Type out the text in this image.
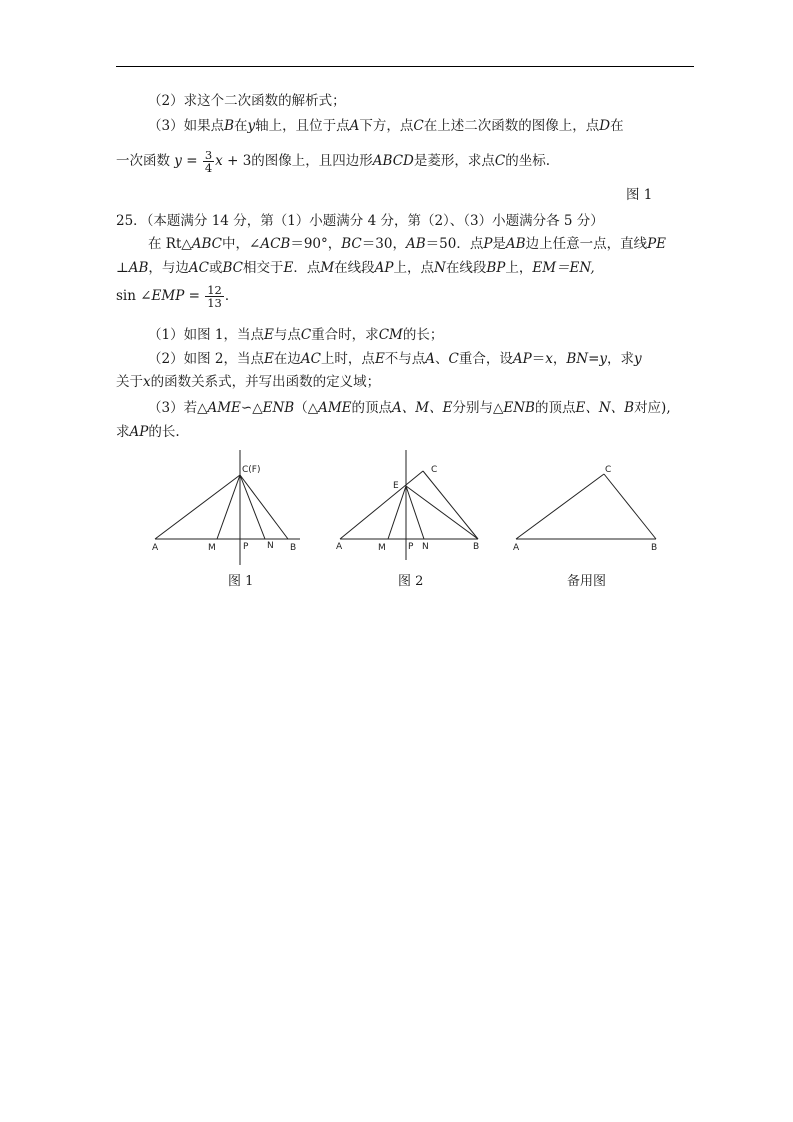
（2）求这个二次函数的解析式；
（3）如果点B在y轴上，且位于点A下方，点C在上述二次函数的图像上，点D在
一次函数 $y = \frac{3}{4}$ x + 3的图像上，且四边形ABCD是菱形，求点C的坐标.
图 1
25．（本题满分 14 分，第（1）小题满分 4 分，第（2）、（3）小题满分各 5 分）
在 Rt△ABC中，∠ACB＝90°，BC＝30，AB＝50．点P是AB边上任意一点，直线PE
⊥AB，与边AC或BC相交于E．点M在线段AP上，点N在线段BP上，EM＝EN,
sin ∠EMP = $\frac{12}{13}$ ．
（1）如图 1，当点E与点C重合时，求CM的长；
（2）如图 2，当点E在边AC上时，点E不与点A、C重合，设AP＝x，BN=y，求y
关于x的函数关系式，并写出函数的定义域；
（3）若△AME∽△ENB（△AME的顶点A、M、E分别与△ENB的顶点E、N、B对应),
求AP的长.
C(F)
A	M	P N B
图 1
C
E
A	M P N	B
图 2
C
A	B
备用图
